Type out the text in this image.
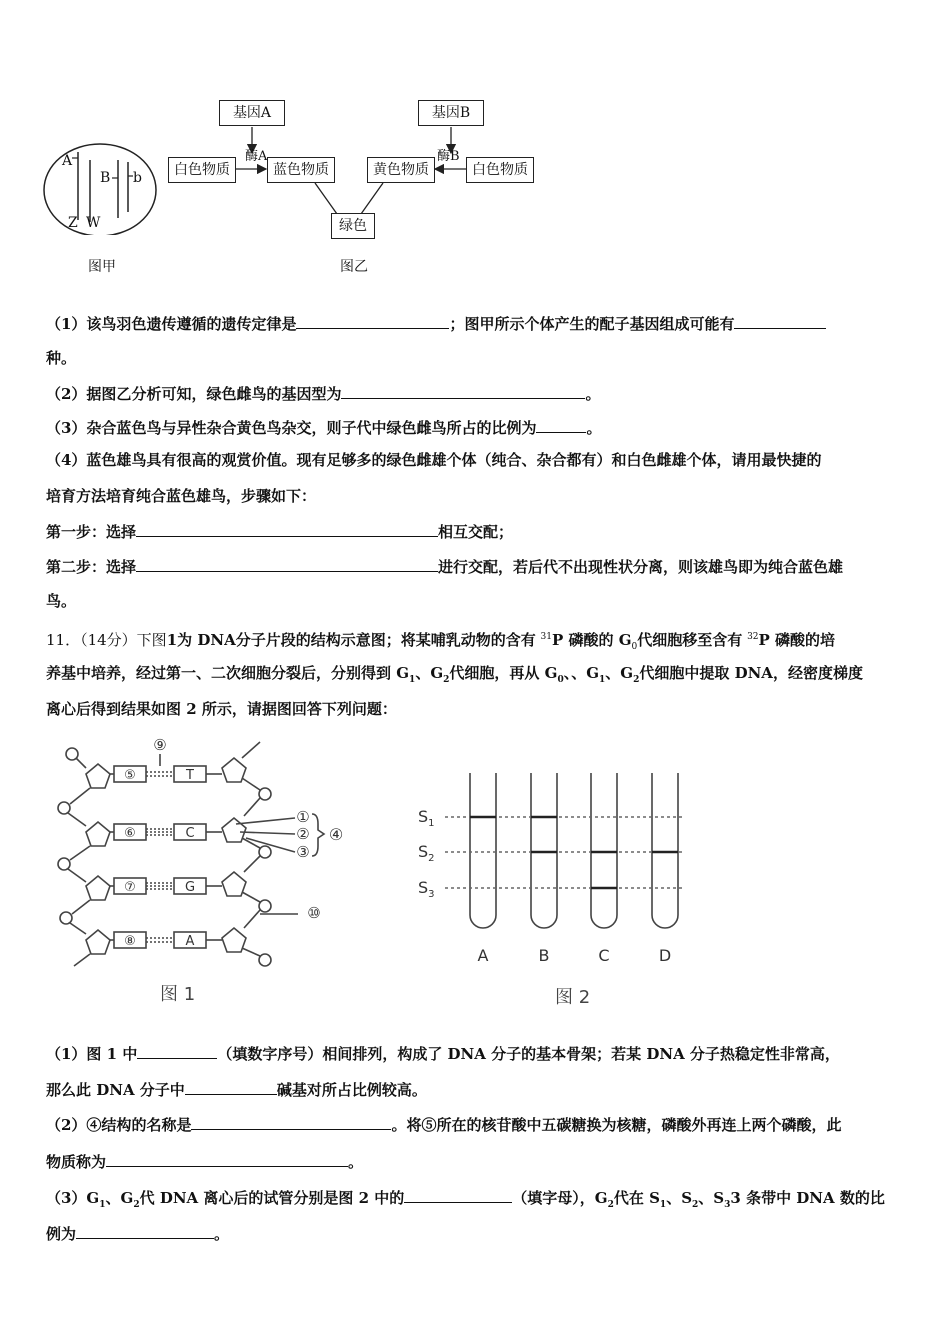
A
B b
Z W
图甲
基因A	基因B
酶A	酶B
白色物质	蓝色物质	黄色物质	白色物质
绿色
图乙
（1）该鸟羽色遗传遵循的遗传定律是	；图甲所示个体产生的配子基因组成可能有
种。
（2）据图乙分析可知，绿色雌鸟的基因型为	。
（3）杂合蓝色鸟与异性杂合黄色鸟杂交，则子代中绿色雌鸟所占的比例为	。
（4）蓝色雄鸟具有很高的观赏价值。现有足够多的绿色雌雄个体（纯合、杂合都有）和白色雌雄个体，请用最快捷的
培育方法培育纯合蓝色雄鸟，步骤如下：
第一步：选择	相互交配；
第二步：选择	进行交配，若后代不出现性状分离，则该雄鸟即为纯合蓝色雄
鸟。
11．（14分）下图1为 DNA分子片段的结构示意图；将某哺乳动物的含有 $^{31}$P 磷酸的 $G_0$代细胞移至含有 $^{32}$P 磷酸的培
养基中培养，经过第一、二次细胞分裂后，分别得到 $G_1$、$G_2$代细胞，再从 $G_0$、、$G_1$、$G_2$代细胞中提取 DNA，经密度梯度
离心后得到结果如图 2 所示，请据图回答下列问题：
⑤
⑥
⑦
⑧
T
C
G
A
⑨
①
②
③
④
⑩
图 1
$S_1$
$S_2$
$S_3$
A	B	C	D
图 2
（1）图 1 中	（填数字序号）相间排列，构成了 DNA 分子的基本骨架；若某 DNA 分子热稳定性非常高，
那么此 DNA 分子中	碱基对所占比例较高。
（2）④结构的名称是	。将⑤所在的核苷酸中五碳糖换为核糖，磷酸外再连上两个磷酸，此
物质称为	。
$(3)G_1$、$G_2$代 DNA 离心后的试管分别是图 2 中的	（填字母），$G_2$代在 $S_1$、$S_2$、$S_33$ 条带中 DNA 数的比
例为	。
